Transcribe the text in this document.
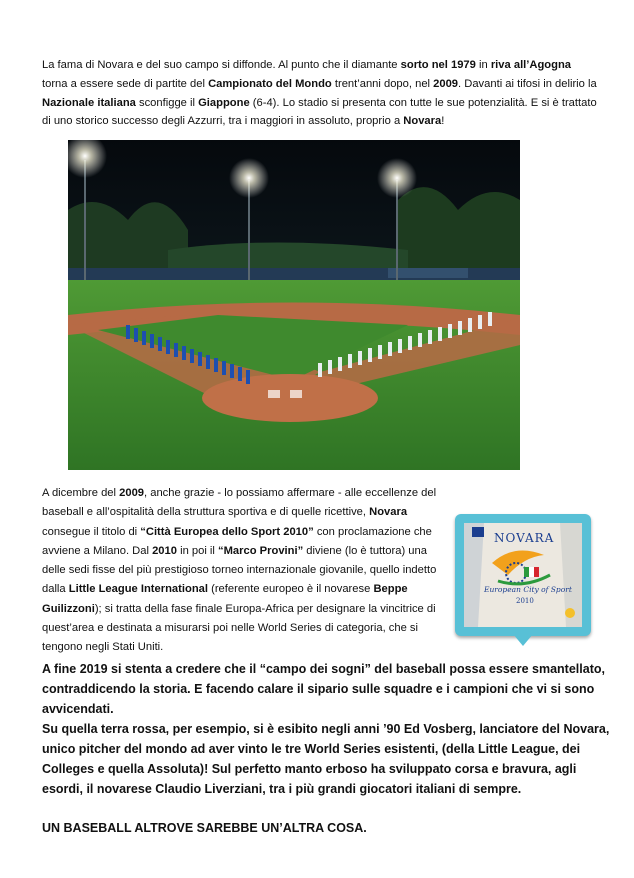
La fama di Novara e del suo campo si diffonde. Al punto che il diamante sorto nel 1979 in riva all’Agogna torna a essere sede di partite del Campionato del Mondo trent’anni dopo, nel 2009. Davanti ai tifosi in delirio la Nazionale italiana sconfigge il Giappone (6-4). Lo stadio si presenta con tutte le sue potenzialità. E si è trattato di uno storico successo degli Azzurri, tra i maggiori in assoluto, proprio a Novara!

A dicembre del 2009, anche grazie - lo possiamo affermare - alle eccellenze del baseball e all’ospitalità della struttura sportiva e di quelle ricettive, Novara consegue il titolo di “Città Europea dello Sport 2010” con proclamazione che avviene a Milano. Dal 2010 in poi il “Marco Provini” diviene (lo è tuttora) una delle sedi fisse del più prestigioso torneo internazionale giovanile, quello indetto dalla Little League International (referente europeo è il novarese Beppe Guilizzoni); si tratta della fase finale Europa-Africa per designare la vincitrice di quest’area e destinata a misurarsi poi nelle World Series di categoria, che si tengono negli Stati Uniti.

NOVARA
European City of Sport
2010

A fine 2019 si stenta a credere che il “campo dei sogni” del baseball possa essere smantellato, contraddicendo la storia. E facendo calare il sipario sulle squadre e i campioni che vi si sono avvicendati.

Su quella terra rossa, per esempio, si è esibito negli anni ’90 Ed Vosberg, lanciatore del Novara, unico pitcher del mondo ad aver vinto le tre World Series esistenti, (della Little League, dei Colleges e quella Assoluta)! Sul perfetto manto erboso ha sviluppato corsa e bravura, agli esordi, il novarese Claudio Liverziani, tra i più grandi giocatori italiani di sempre.

UN BASEBALL ALTROVE SAREBBE UN’ALTRA COSA.
